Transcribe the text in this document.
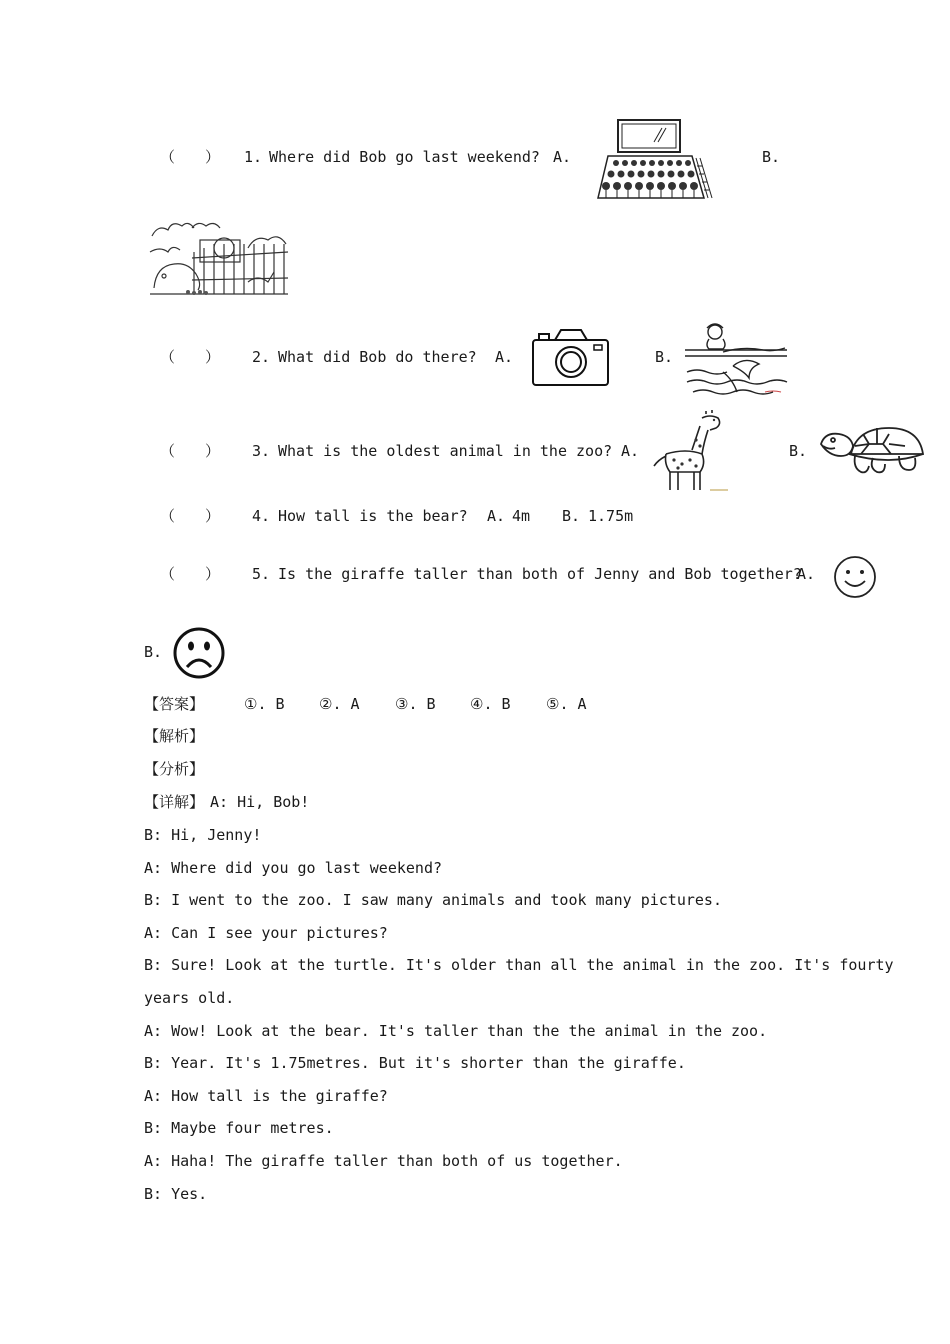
（　　） 1. Where did Bob go last weekend? A.	B.
（　　） 2. What did Bob do there? A.	B.
（　　） 3. What is the oldest animal in the zoo? A.	B.
（　　） 4. How tall is the bear? A. 4m B. 1.75m
（　　） 5. Is the giraffe taller than both of Jenny and Bob together?
A.
B.
【答案】	①. B ②. A ③. B ④. B ⑤. A
【解析】
【分析】
【详解】 A: Hi, Bob!
B: Hi, Jenny!
A: Where did you go last weekend?
B: I went to the zoo. I saw many animals and took many pictures.
A: Can I see your pictures?
B: Sure! Look at the turtle. It's older than all the animal in the zoo. It's fourty
years old.
A: Wow! Look at the bear. It's taller than the the animal in the zoo.
B: Year. It's 1.75metres. But it's shorter than the giraffe.
A: How tall is the giraffe?
B: Maybe four metres.
A: Haha! The giraffe taller than both of us together.
B: Yes.
